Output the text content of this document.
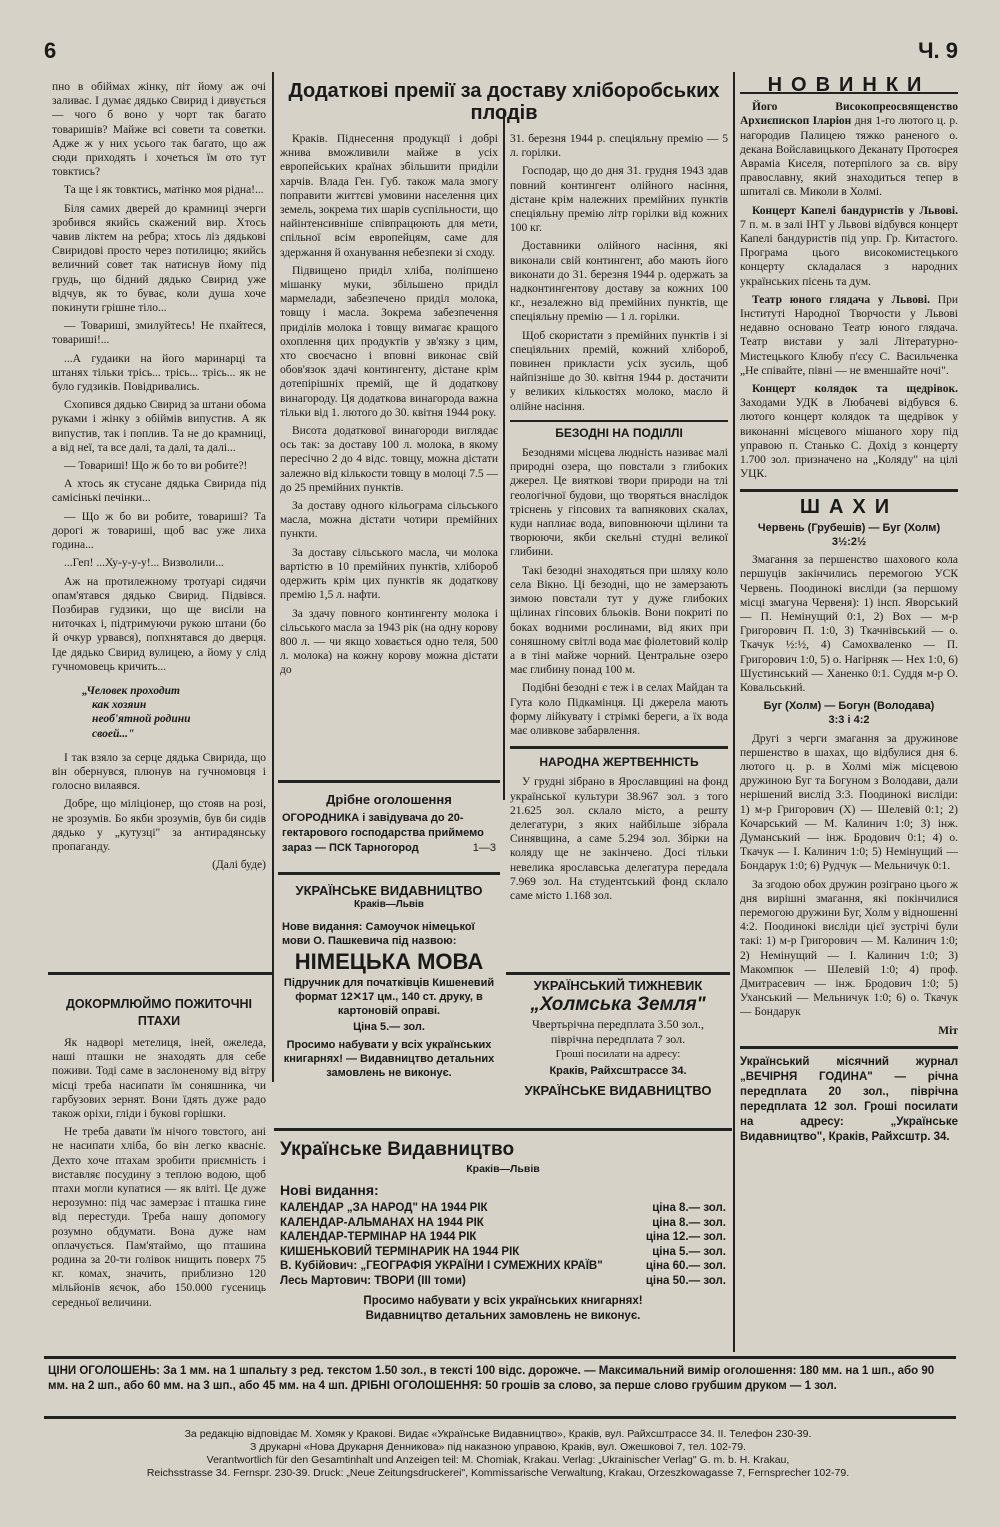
6	Ч. 9

пно в обіймах жінку, піт йому аж очі заливає. І думає дядько Свирид і дивується — чого б воно у чорт так багато товаришів? Майже всі совети та советки. Адже ж у них усього так багато, що аж сюди приходять і хочеться їм ото тут товктись?

Та ще і як товктись, матінко моя рідна!...

Біля самих дверей до крамниці зчерги зробився якийсь скажений вир. Хтось чавив ліктем на ребра; хтось ліз дядькові Свиридові просто через потилицю; якийсь величний совет так натиснув йому під грудь, що бідний дядько Свирид уже відчув, як то буває, коли душа хоче покинути грішне тіло...

— Товариші, змилуйтесь! Не пхайтеся, товариші!...

...А гудаики на його маринарці та штанях тільки трісь... трісь... трісь... як не було гудзиків. Повідривались.

Схопився дядько Свирид за штани обома руками і жінку з обіймів випустив. А як випустив, так і поплив. Та не до крамниці, а від неї, та все далі, та далі, та далі...

— Товариші! Що ж бо то ви робите?!

А хтось як стусане дядька Свирида під самісінькі печінки...

— Що ж бо ви робите, товариші? Та дорогі ж товариші, щоб вас уже лиха година...

...Геп! ...Ху-у-у-у!... Визволили...

Аж на протилежному тротуарі сидячи опам'ятався дядько Свирид. Підвівся. Позбирав гудзики, що ще висіли на ниточках і, підтримуючи рукою штани (бо й очкур урвався), попхнятався до дверця. Іде дядько Свирид вулицею, а йому у слід гучномовець кричить...

„Человек проходит
как хозяин
необ'ятной родини
своей..."

І так взяло за серце дядька Свирида, що він обернувся, плюнув на гучномовця і голосно вилаявся.

Добре, що міліціонер, що стояв на розі, не зрозумів. Бо якби зрозумів, був би сидів дядько у „кутузці" за антирадянську пропаганду.

(Далі буде)
ДОКОРМЛЮЙМО ПОЖИТОЧНІ ПТАХИ

Як надворі метелиця, іней, ожеледа, наші пташки не знаходять для себе поживи. Тоді саме в заслоненому від вітру місці треба насипати їм соняшника, чи гарбузових зернят. Вони їдять дуже радо також оріхи, гліди і букові горішки.

Не треба давати їм нічого товстого, ані не насипати хліба, бо він легко квасніє. Дехто хоче птахам зробити приємність і виставляє посудину з теплою водою, щоб птахи могли купатися — як вліті. Це дуже нерозумно: під час замерзає і пташка гине від перестуди. Треба нашу допомогу розумно обдумати. Вона дуже нам оплачується. Пам'ятаймо, що пташина родина за 20-ти голівок нищить поверх 75 кг. комах, значить, приблизно 120 мільйонів яєчок, або 150.000 гусениць середньої величини.

Додаткові премії за доставу хліборобських плодів

Краків. Піднесення продукції і добрі жнива вможливили майже в усіх европейських країнах збільшити приділи харчів. Влада Ген. Губ. також мала змогу поправити життєві умовини населення цих земель, зокрема тих шарів суспільности, що найінтенсивніше співпрацюють для мети, спільної всім европейцям, саме для здержання й оханування небезпеки зі сходу.

Підвищено приділ хліба, поліпшено мішанку муки, збільшено приділ мармелади, забезпечено приділ молока, товщу і масла. Зокрема забезпечення приділів молока і товщу вимагає кращого охоплення цих продуктів у зв'язку з цим, хто своєчасно і вповні виконає свій обов'язок здачі контингенту, дістане крім дотепірішніх премій, ще й додаткову винагороду. Ця додаткова винагорода важна тільки від 1. лютого до 30. квітня 1944 року.

Висота додаткової винагороди виглядає ось так: за доставу 100 л. молока, в якому пересічно 2 до 4 відс. товщу, можна дістати залежно від кількости товщу в молоці 7.5 — до 25 премійних пунктів.

За доставу одного кільограма сільського масла, можна дістати чотири премійних пункти.

За доставу сільського масла, чи молока вартістю в 10 премійних пунктів, хлібороб одержить крім цих пунктів як додаткову премію 1,5 л. нафти.

За здачу повного контингенту молока і сільського масла за 1943 рік (на одну корову 800 л. — чи якщо ховається одно теля, 500 л. молока) на кожну корову можна дістати до

31. березня 1944 р. спеціяльну премію — 5 л. горілки.

Господар, що до дня 31. грудня 1943 здав повний контингент олійного насіння, дістане крім належних премійних пунктів спеціяльну премію літр горілки від кожних 100 кг.

Доставники олійного насіння, які виконали свій контингент, або мають його виконати до 31. березня 1944 р. одержать за надконтингентову доставу за кожних 100 кг., незалежно від премійних пунктів, ще спеціяльну премію — 1 л. горілки.

Щоб скористати з премійних пунктів і зі спеціяльних премій, кожний хлібороб, повинен приклаcти усіх зусиль, щоб найпізніше до 30. квітня 1944 р. достачити у великих кількостях молоко, масло й олійне насіння.

БЕЗОДНІ НА ПОДІЛЛІ

Безоднями місцева людність називає малі природні озера, що повстали з глибоких джерел. Це вияткові твори природи на тлі геологічної будови, що творяться внаслідок тріснень у гіпсових та вапнякових скалах, куди наплиає вода, виповнюючи щілини та творюючи, якби скельні студні великої глибини.

Такі безодні знаходяться при шляху коло села Вікно. Ці безодні, що не замерзають зимою повстали тут у дуже глибоких щілинах гіпсових бльоків. Вони покриті по боках водними рослинами, від яких при соняшному світлі вода має фіолетовий колір а в тіні майже чорний. Центральне озеро має глибину понад 100 м.

Подібні безодні є теж і в селах Майдан та Гута коло Підкамінця. Ці джерела мають форму лійкувату і стрімкі береги, а їх вода має оливкове забарвлення.

НАРОДНА ЖЕРТВЕННІСТЬ

У грудні зібрано в Ярославщині на фонд української культури 38.967 зол. з того 21.625 зол. склало місто, а решту делегатури, з яких найбільше зібрала Синявщина, а саме 5.294 зол. Збірки на коляду ще не закінчено. Досі тільки невелика ярославська делегатура передала 7.969 зол. На студентський фонд склало саме місто 1.168 зол.

Дрібне оголошення
ОГОРОДНИКА і завідувача до 20-гектарового господарства приймемо зараз — ПСК Тарногород	1—3
УКРАЇНСЬКЕ ВИДАВНИЦТВО
Краків—Львів
Нове видання: Самоучок німецької мови О. Пашкевича під назвою:
НІМЕЦЬКА МОВА
Підручник для початківців Кишеневий формат 12✕17 цм., 140 ст. друку, в картоновій оправі.
Ціна 5.— зол.
Просимо набувати у всіх українських книгарнях! — Видавництво детальних замовлень не виконує.
УКРАЇНСЬКИЙ ТИЖНЕВИК
„Холмська Земля"
Чвертьрічна передплата 3.50 зол.,
піврічна передплата 7 зол.
Гроші посилати на адресу:
Краків, Райхсштрассе 34.
УКРАЇНСЬКЕ ВИДАВНИЦТВО
Українське Видавництво
Краків—Львів
Нові видання:
КАЛЕНДАР „ЗА НАРОД" НА 1944 РІК	ціна 8.— зол.
КАЛЕНДАР-АЛЬМАНАХ НА 1944 РІК	ціна 8.— зол.
КАЛЕНДАР-ТЕРМІНАР НА 1944 РІК	ціна 12.— зол.
КИШЕНЬКОВИЙ ТЕРМІНАРИК НА 1944 РІК	ціна 5.— зол.
В. Кубійович: „ГЕОГРАФІЯ УКРАЇНИ І СУМЕЖНИХ КРАЇВ"	ціна 60.— зол.
Лесь Мартович: ТВОРИ (III томи)	ціна 50.— зол.
Просимо набувати у всіх українських книгарнях!
Видавництво детальних замовлень не виконує.
НОВИНКИ

Його Високопреосвященство Архиєпископ Іларіон дня 1-го лютого ц. р. нагородив Палицею тяжко раненого о. декана Войславицького Деканату Протоєрея Авраміа Киселя, потерпілого за св. віру православну, який знаходиться тепер в шпиталі св. Миколи в Холмі.

Концерт Капелі бандуристів у Львові. 7 п. м. в залі ІНТ у Львові відбувся концерт Капелі бандуристів під упр. Гр. Китастого. Програма цього високомистецького концерту складалася з народних українських пісень та дум.

Театр юного глядача у Львові. При Інституті Народної Творчости у Львові недавно основано Театр юного глядача. Театр вистави у залі Літературно-Мистецького Клюбу п'єсу С. Васильченка „Не співайте, півні — не вменшайте ночі".

Концерт колядок та щедрівок. Заходами УДК в Любачеві відбувся 6. лютого концерт колядок та щедрівок у виконанні місцевого мішаного хору під управою п. Станько С. Дохід з концерту 1.700 зол. призначено на „Коляду" на цілі УЦК.

ШАХИ
Червень (Грубешів) — Буг (Холм)
3½:2½

Змагання за першенство шахового кола першуців закінчились перемогою УСК Червень. Поодинокі висліди (за першому місці змагуна Червеня): 1) інсп. Яворський — П. Немінущий 0:1, 2) Вох — м-р Григорович П. 1:0, 3) Ткачнівський — о. Ткачук ½:½, 4) Самохваленко — П. Григорович 1:0, 5) о. Нагірняк — Нех 1:0, 6) Шустинський — Ханенко 0:1. Суддя м-р О. Ковальський.

Буг (Холм) — Богун (Володава)
3:3 і 4:2

Другі з черги змагання за дружинове першенство в шахах, що відбулися дня 6. лютого ц. р. в Холмі між місцевою дружиною Буг та Богуном з Володави, дали нерішений вислід 3:3. Поодинокі висліди: 1) м-р Григорович (Х) — Шелевій 0:1; 2) Кочарський — М. Калинич 1:0; 3) інж. Думанський — інж. Бродович 0:1; 4) о. Ткачук — І. Калинич 1:0; 5) Немінущий — Бондарук 1:0; 6) Рудчук — Мельничук 0:1.

За згодою обох дружин розіграно цього ж дня вирішні змагання, які покінчилися перемогою дружини Буг, Холм у відношенні 4:2. Поодинокі висліди цієї зустрічі були такі: 1) м-р Григорович — М. Калинич 1:0; 2) Немінущий — І. Калинич 1:0; 3) Макомпюк — Шелевій 1:0; 4) проф. Дмитрасевич — інж. Бродович 1:0; 5) Уханський — Мельничук 1:0; 6) о. Ткачук — Бондарук

Міт
Український місячний журнал „ВЕЧІРНЯ ГОДИНА" — річна передплата 20 зол., піврічна передплата 12 зол. Гроші посилати на адресу: „Українське Видавництво", Краків, Райхсштр. 34.
ЦІНИ ОГОЛОШЕНЬ: За 1 мм. на 1 шпальту з ред. текстом 1.50 зол., в тексті 100 відс. дорожче. — Максимальний вимір оголошення: 180 мм. на 1 шп., або 90 мм. на 2 шп., або 60 мм. на 3 шп., або 45 мм. на 4 шп. ДРІБНІ ОГОЛОШЕННЯ: 50 грошів за слово, за перше слово грубшим друком — 1 зол.
За редакцію відповідає М. Хомяк у Кракові. Видає «Українське Видавництво», Краків, вул. Райхсштрассе 34. II. Телефон 230-39.
З друкарні «Нова Друкарня Денникова» під наказною управою, Краків, вул. Ожешковоі 7, тел. 102-79.
Verantwortlich für den Gesamtinhalt und Anzeigen teil: M. Chomiak, Krakau. Verlag: „Ukrainischer Verlag" G. m. b. H. Krakau,
Reichsstrasse 34. Fernspr. 230-39. Druck: „Neue Zeitungsdruckerei", Kommissarische Verwaltung, Krakau, Orzeszkowagasse 7, Fernsprecher 102-79.
